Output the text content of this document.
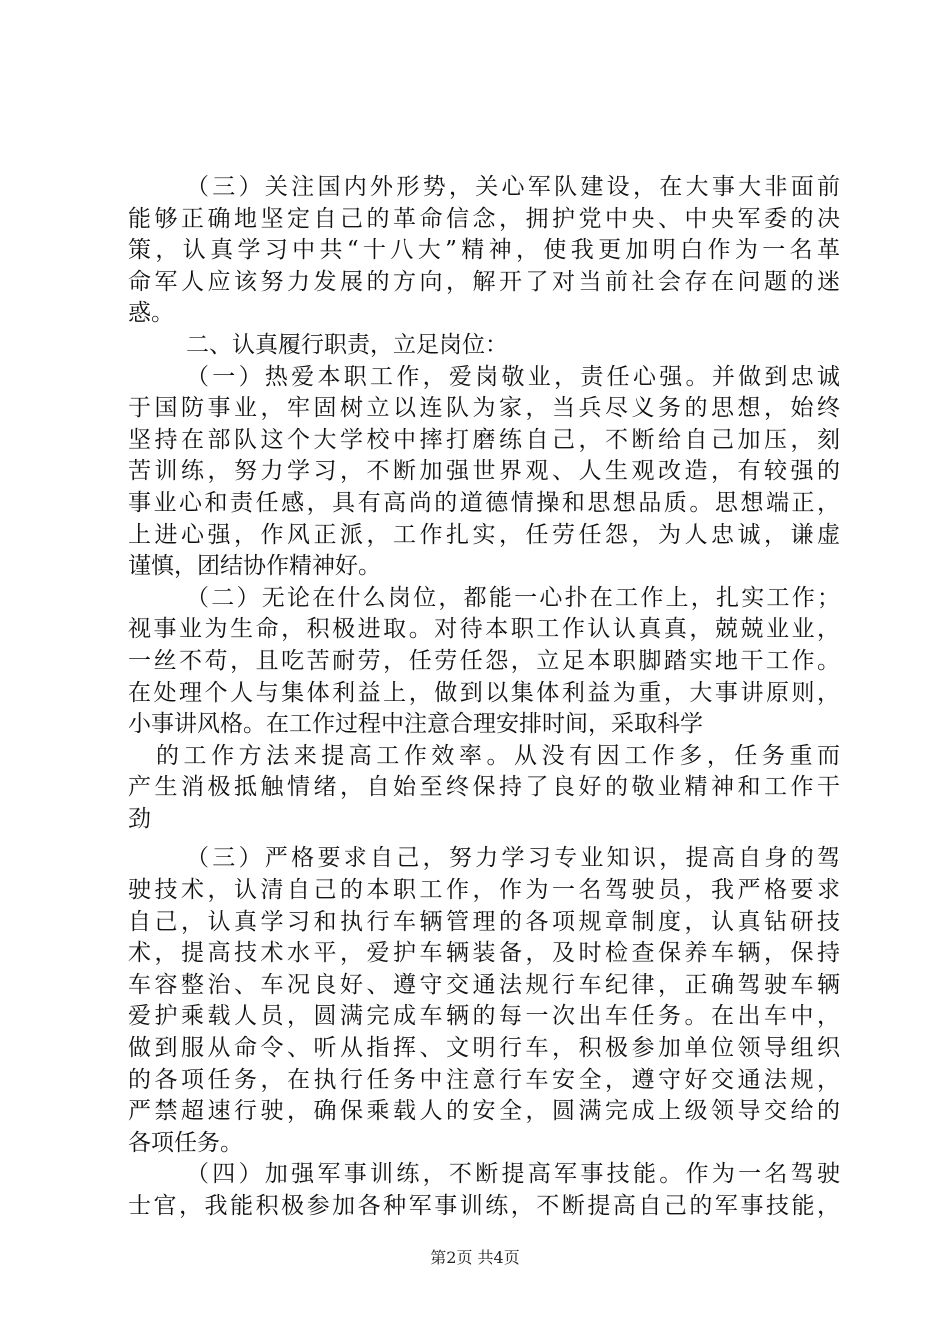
（三）关注国内外形势，关心军队建设，在大事大非面前
能够正确地坚定自己的革命信念，拥护党中央、中央军委的决
策，认真学习中共“十八大”精神，使我更加明白作为一名革
命军人应该努力发展的方向，解开了对当前社会存在问题的迷
惑。
二、认真履行职责，立足岗位：
（一）热爱本职工作，爱岗敬业，责任心强。并做到忠诚
于国防事业，牢固树立以连队为家，当兵尽义务的思想，始终
坚持在部队这个大学校中摔打磨练自己，不断给自己加压，刻
苦训练，努力学习，不断加强世界观、人生观改造，有较强的
事业心和责任感，具有高尚的道德情操和思想品质。思想端正，
上进心强，作风正派，工作扎实，任劳任怨，为人忠诚，谦虚
谨慎，团结协作精神好。
（二）无论在什么岗位，都能一心扑在工作上，扎实工作；
视事业为生命，积极进取。对待本职工作认认真真，兢兢业业，
一丝不苟，且吃苦耐劳，任劳任怨，立足本职脚踏实地干工作。
在处理个人与集体利益上，做到以集体利益为重，大事讲原则，
小事讲风格。在工作过程中注意合理安排时间，采取科学
的工作方法来提高工作效率。从没有因工作多，任务重而
产生消极抵触情绪，自始至终保持了良好的敬业精神和工作干
劲
（三）严格要求自己，努力学习专业知识，提高自身的驾
驶技术，认清自己的本职工作，作为一名驾驶员，我严格要求
自己，认真学习和执行车辆管理的各项规章制度，认真钻研技
术，提高技术水平，爱护车辆装备，及时检查保养车辆，保持
车容整治、车况良好、遵守交通法规行车纪律，正确驾驶车辆
爱护乘载人员，圆满完成车辆的每一次出车任务。在出车中，
做到服从命令、听从指挥、文明行车，积极参加单位领导组织
的各项任务，在执行任务中注意行车安全，遵守好交通法规，
严禁超速行驶，确保乘载人的安全，圆满完成上级领导交给的
各项任务。
（四）加强军事训练，不断提高军事技能。作为一名驾驶
士官，我能积极参加各种军事训练，不断提高自己的军事技能，
第2页 共4页
